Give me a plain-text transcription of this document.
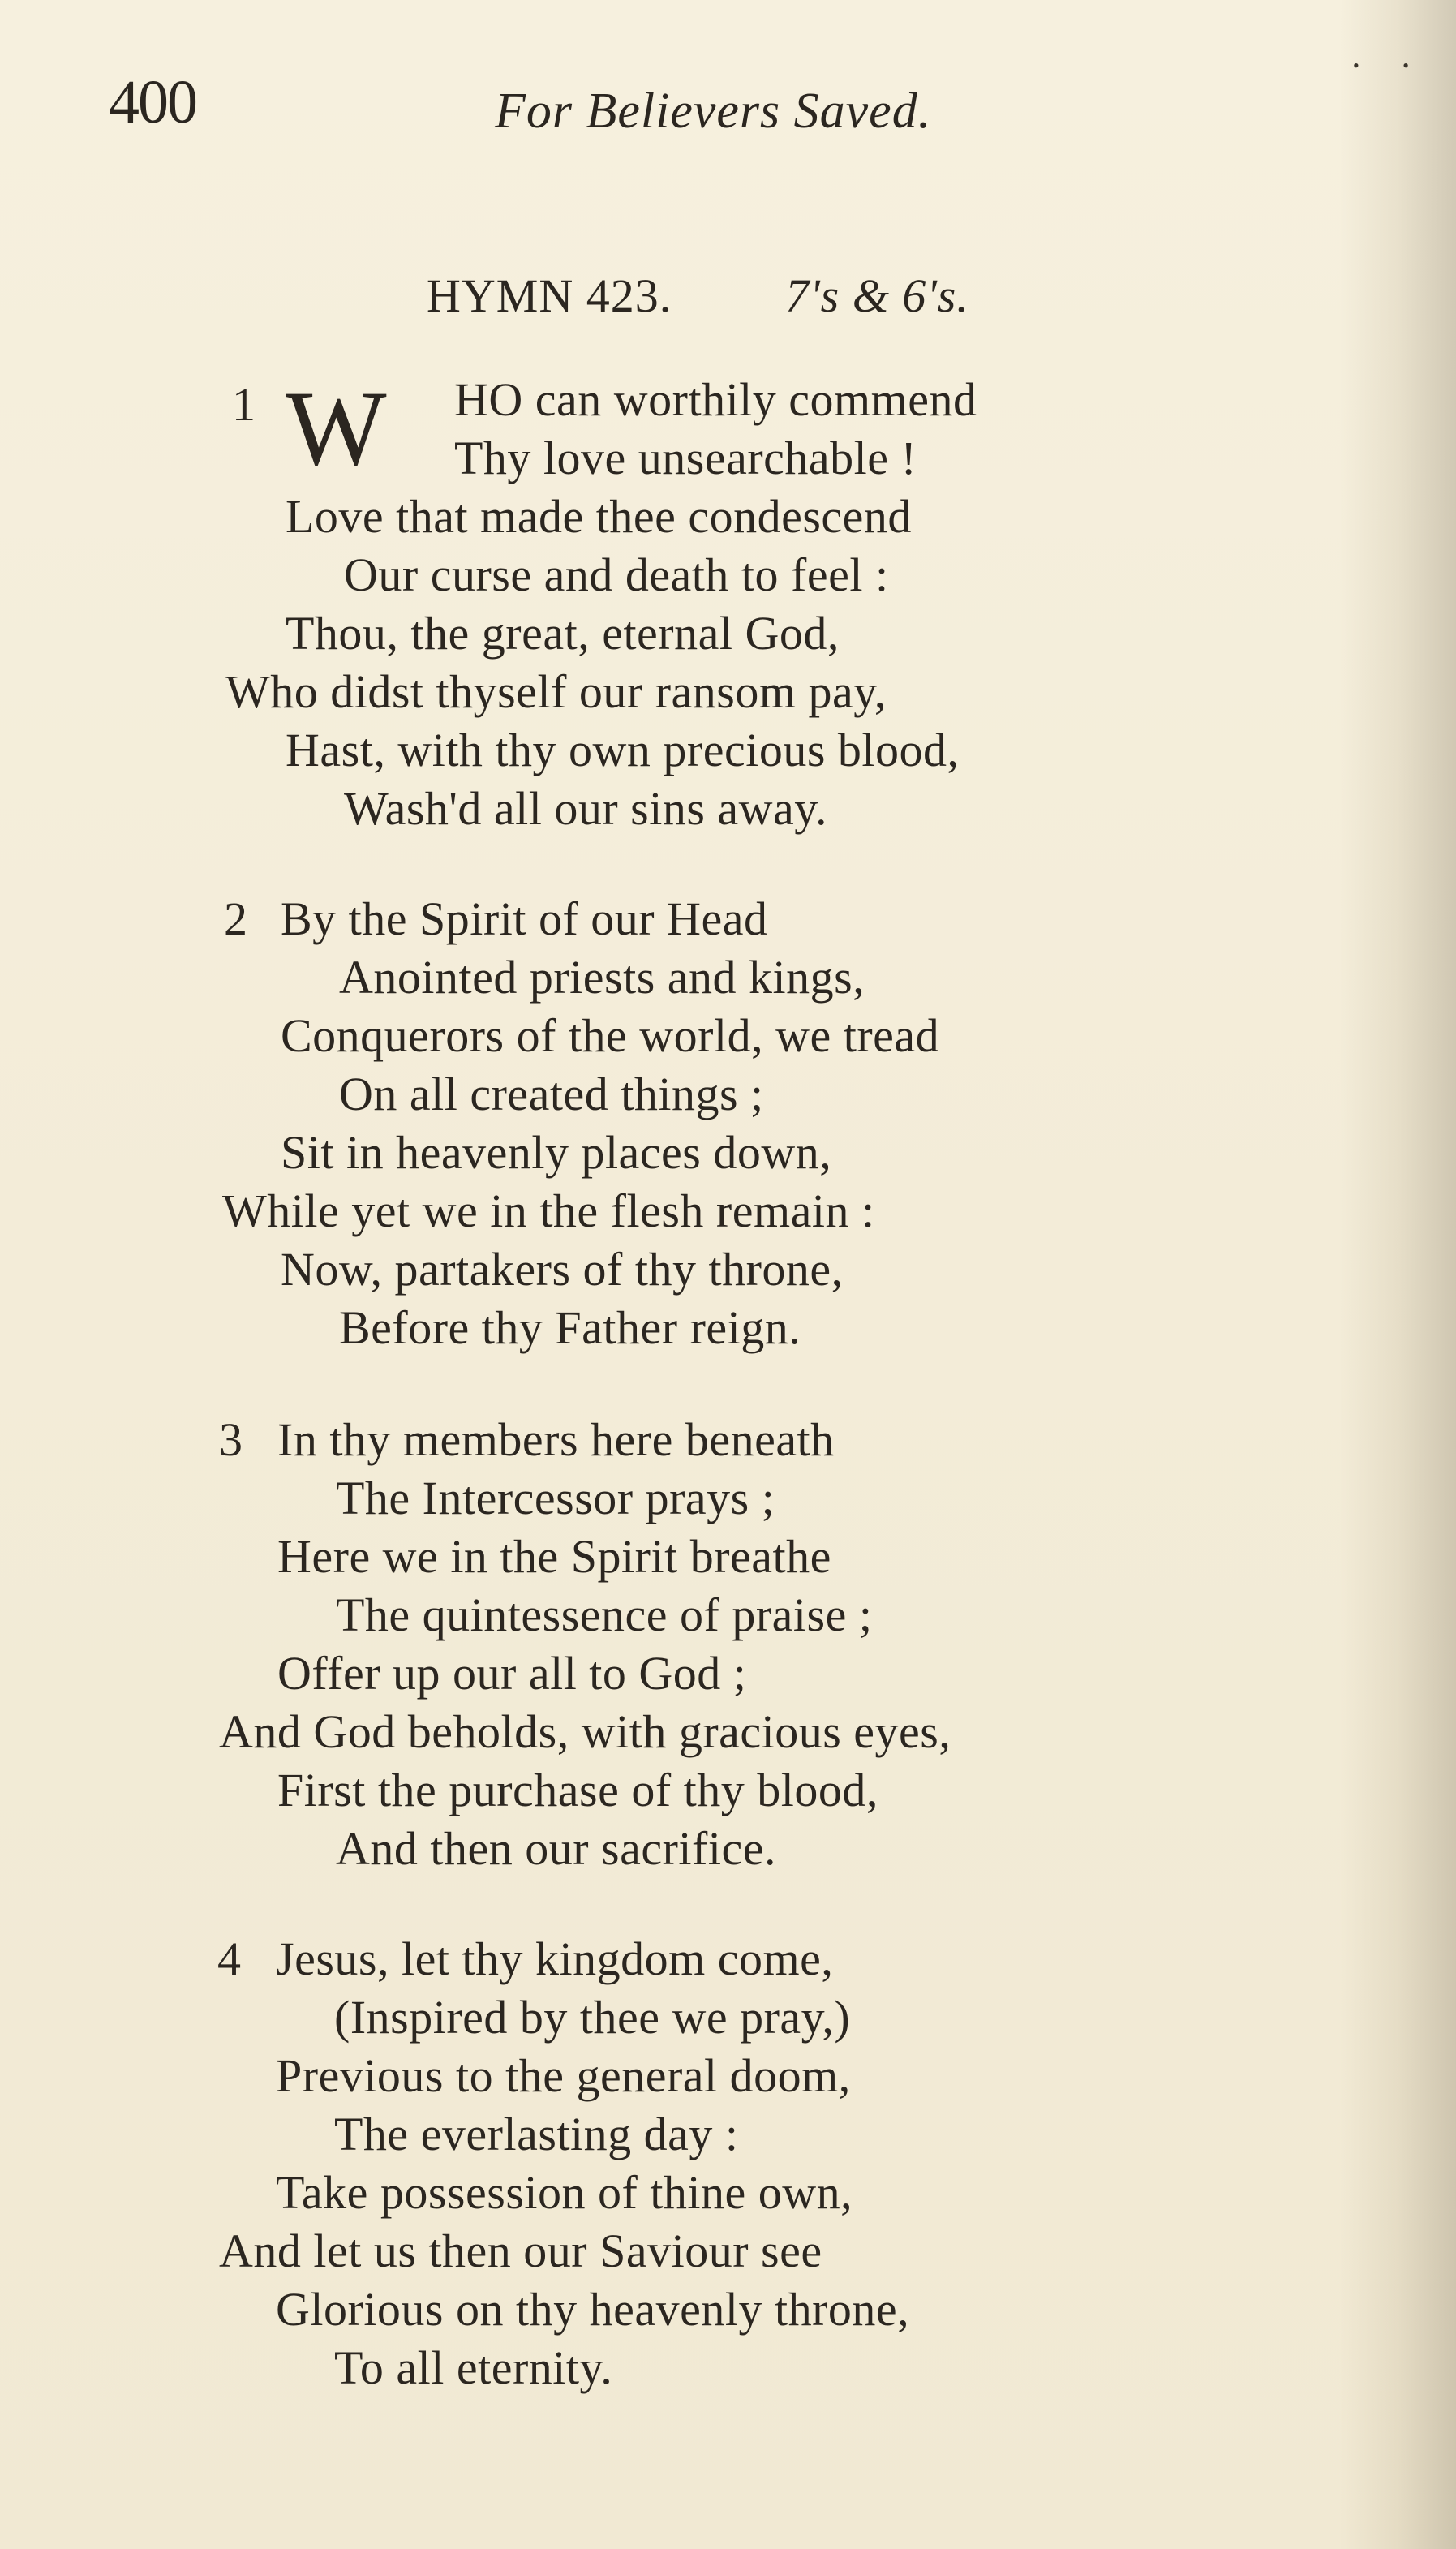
• •
400	For Believers Saved.
HYMN 423. 7's & 6's.
1 W HO can worthily commend
Thy love unsearchable !
Love that made thee condescend
Our curse and death to feel :
Thou, the great, eternal God,
Who didst thyself our ransom pay,
Hast, with thy own precious blood,
Wash'd all our sins away.
2 By the Spirit of our Head
Anointed priests and kings,
Conquerors of the world, we tread
On all created things ;
Sit in heavenly places down,
While yet we in the flesh remain :
Now, partakers of thy throne,
Before thy Father reign.
3 In thy members here beneath
The Intercessor prays ;
Here we in the Spirit breathe
The quintessence of praise ;
Offer up our all to God ;
And God beholds, with gracious eyes,
First the purchase of thy blood,
And then our sacrifice.
4 Jesus, let thy kingdom come,
(Inspired by thee we pray,)
Previous to the general doom,
The everlasting day :
Take possession of thine own,
And let us then our Saviour see
Glorious on thy heavenly throne,
To all eternity.
